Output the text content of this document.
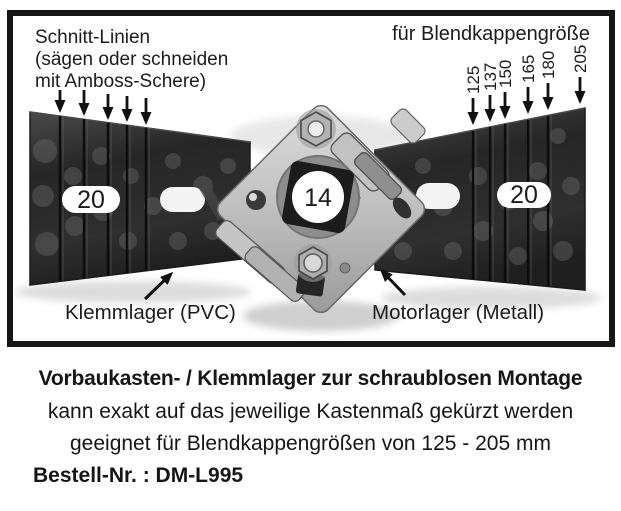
20	20
14
Schnitt-Linien
(sägen oder schneiden
mit Amboss-Schere)
für Blendkappengröße
125
137
150 165 180 205
Klemmlager (PVC)	Motorlager (Metall)
Vorbaukasten- / Klemmlager zur schraublosen Montage
kann exakt auf das jeweilige Kastenmaß gekürzt werden
geeignet für Blendkappengrößen von 125 - 205 mm
Bestell-Nr. : DM-L995
